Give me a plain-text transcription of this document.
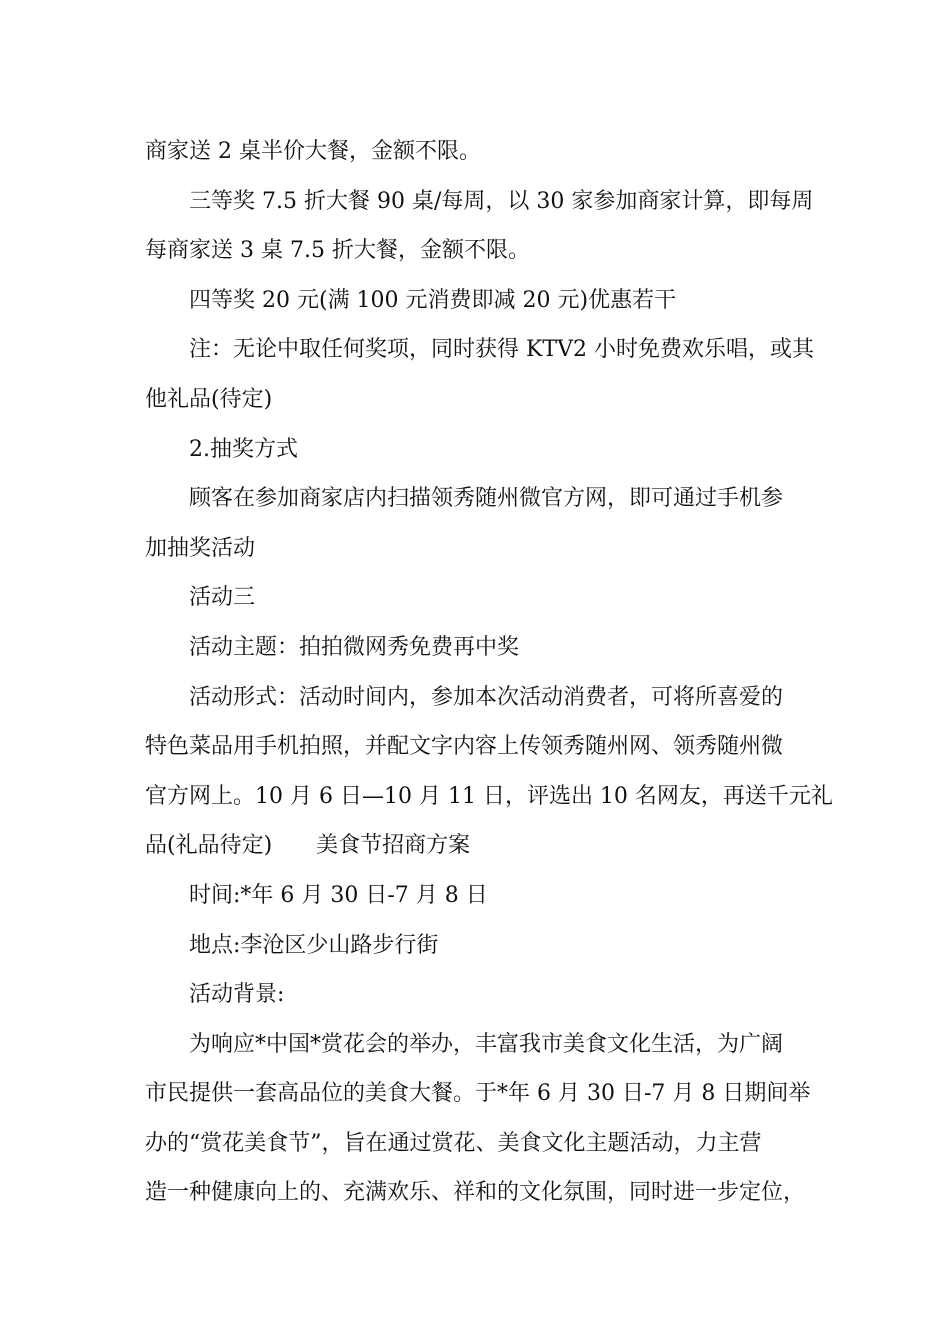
商家送 2 桌半价大餐，金额不限。
三等奖 7.5 折大餐 90 桌/每周，以 30 家参加商家计算，即每周
每商家送 3 桌 7.5 折大餐，金额不限。
四等奖 20 元(满 100 元消费即减 20 元)优惠若干
注：无论中取任何奖项，同时获得 KTV2 小时免费欢乐唱，或其
他礼品(待定)
2.抽奖方式
顾客在参加商家店内扫描领秀随州微官方网，即可通过手机参
加抽奖活动
活动三
活动主题：拍拍微网秀免费再中奖
活动形式：活动时间内，参加本次活动消费者，可将所喜爱的
特色菜品用手机拍照，并配文字内容上传领秀随州网、领秀随州微
官方网上。10 月 6 日—10 月 11 日，评选出 10 名网友，再送千元礼
品(礼品待定)　　美食节招商方案
时间:*年 6 月 30 日-7 月 8 日
地点:李沧区少山路步行街
活动背景:
为响应*中国*赏花会的举办，丰富我市美食文化生活，为广阔
市民提供一套高品位的美食大餐。于*年 6 月 30 日-7 月 8 日期间举
办的“赏花美食节”，旨在通过赏花、美食文化主题活动，力主营
造一种健康向上的、充满欢乐、祥和的文化氛围，同时进一步定位，
